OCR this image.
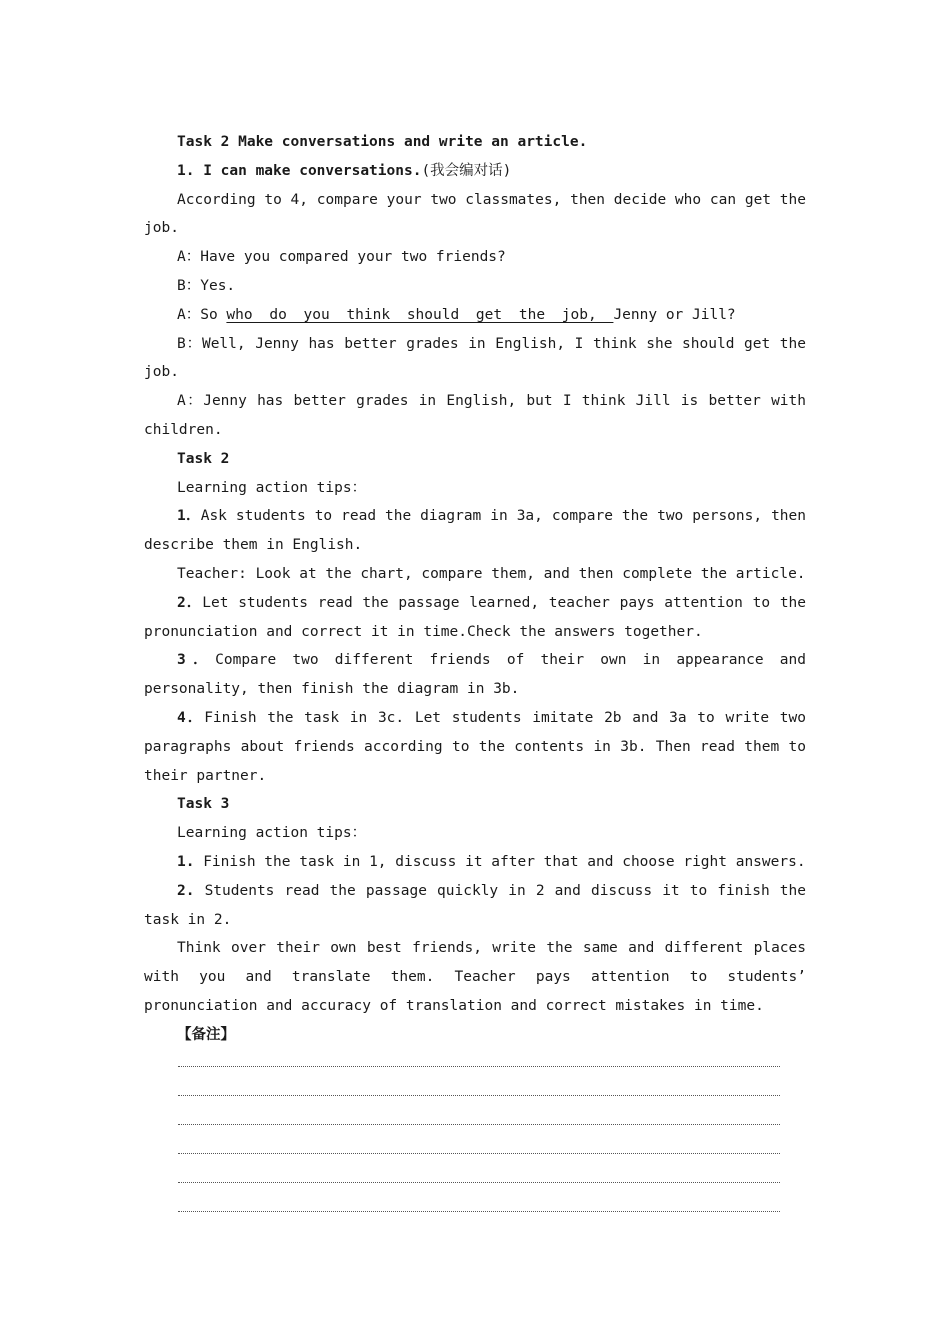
Task 2 Make conversations and write an article.

1. I can make conversations.(我会编对话)

According to 4, compare your two classmates, then decide who can get the job.

A：Have you compared your two friends?

B：Yes.

A：So who do you think should get the job, Jenny or Jill?

B：Well, Jenny has better grades in English, I think she should get the job.

A：Jenny has better grades in English, but I think Jill is better with children.

Task 2

Learning action tips：

1．Ask students to read the diagram in 3a, compare the two persons, then describe them in English.

Teacher: Look at the chart, compare them, and then complete the article.

2．Let students read the passage learned, teacher pays attention to the pronunciation and correct it in time.Check the answers together.

3．Compare two different friends of their own in appearance and personality, then finish the diagram in 3b.

4．Finish the task in 3c. Let students imitate 2b and 3a to write two paragraphs about friends according to the contents in 3b. Then read them to their partner.

Task 3

Learning action tips：

1. Finish the task in 1, discuss it after that and choose right answers.

2. Students read the passage quickly in 2 and discuss it to finish the task in 2.

Think over their own best friends, write the same and different places with you and translate them. Teacher pays attention to students’ pronunciation and accuracy of translation and correct mistakes in time.

【备注】
